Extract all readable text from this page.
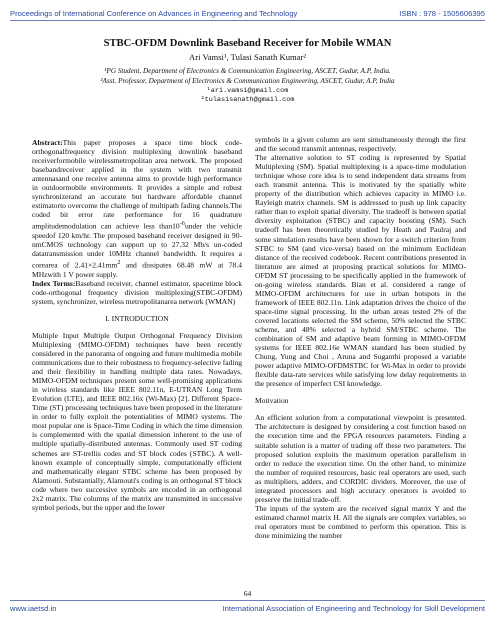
Proceedings of International Conference on Advances in Engineering and Technology	ISBN : 978 - 1505606395
STBC-OFDM Downlink Baseband Receiver for Mobile WMAN
Ari Vamsi¹, Tulasi Sanath Kumar²
¹PG Student, Department of Electronics & Communication Engineering, ASCET, Gudur, A.P, India.
²Asst. Professor, Department of Electronics & Communication Engineering, ASCET, Gudur, A.P, India
¹ari.vamsi@gmail.com
²tulasisanath@gmail.com

Abstract:This paper proposes a space time block code-orthogonalfrequency division multiplexing downlink baseband receiverformobile wirelessmetropolitan area network. The proposed basebandreceiver applied in the system with two transmit antennasand one receive antenna aims to provide high performance in outdoormobile environments. It provides a simple and robust synchronizerand an accurate but hardware affordable channel estimatorto overcome the challenge of multipath fading channels.The coded bit error rate performance for 16 quadrature amplitudemodulation can achieve less $than10^{-6}under$ the vehicle speedof 120 km/hr. The proposed baseband receiver designed in 90-nmCMOS technology can support up to 27.32 Mb/s un-coded datatransmission under 10MHz channel bandwidth. It requires a corearea of $2.41\times 2.41mm^2$ and dissipates 68.48 mW at 78.4 MHzwith 1 V power supply.

Index Terms:Baseband receiver, channel estimator, spacetime block code-orthogonal frequency division multiplexing(STBC-OFDM) system, synchronizer, wireless metropolitanarea network (WMAN)

I. INTRODUCTION

Multiple Input Multiple Output Orthogonal Frequency Division Multiplexing (MIMO-OFDM) techniques have been recently considered in the panorama of ongoing and future multimedia mobile communications due to their robustness to frequency-selective fading and their flexibility in handling multiple data rates. Nowadays, MIMO-OFDM techniques present some well-promising applications in wireless standards like IEEE 802.11n, E-UTRAN Long Term Evolution (LTE), and IEEE 802.16x (Wi-Max) [2]. Different Space-Time (ST) processing techniques have been proposed in the literature in order to fully exploit the potentialities of MIMO systems. The most popular one is Space-Time Coding in which the time dimension is complemented with the spatial dimension inherent to the use of multiple spatially-distributed antennas. Commonly used ST coding schemes are ST-trellis codes and ST block codes (STBC). A well-known example of conceptually simple, computationally efficient and mathematically elegant STBC scheme has been proposed by Alamouti. Substantially, Alamouti's coding is an orthogonal ST block code where two successive symbols are encoded in an orthogonal 2x2 matrix. The columns of the matrix are transmitted in successive symbol periods, but the upper and the lower

symbols in a given column are sent simultaneously through the first and the second transmit antennas, respectively.

The alternative solution to ST coding is represented by Spatial Multiplexing (SM). Spatial multiplexing is a space-time modulation technique whose core idea is to send independent data streams from each transmit antenna. This is motivated by the spatially white property of the distribution which achieves capacity in MIMO i.e. Rayleigh matrix channels. SM is addressed to push up link capacity rather than to exploit spatial diversity. The tradeoff is between spatial diversity exploitation (STBC) and capacity boosting (SM). Such tradeoff has been theoretically studied by Heath and Paulraj and some simulation results have been shown for a switch criterion from STBC to SM (and vice-versa) based on the minimum Euclidean distance of the received codebook. Recent contributions presented in literature are aimed at proposing practical solutions for MIMO-OFDM ST processing to be specifically applied in the framework of on-going wireless standards. Bian et al. considered a range of MIMO-OFDM architectures for use in urban hotspots in the framework of IEEE 802.11n. Link adaptation drives the choice of the space-time signal processing. In the urban areas tested 2% of the covered locations selected the SM scheme, 50% selected the STBC scheme, and 48% selected a hybrid SM/STBC scheme. The combination of SM and adaptive beam forming in MIMO-OFDM systems for IEEE 802.16e WMAN standard has been studied by Chung, Yung and Choi , Aruna and Suganthi proposed a variable power adaptive MIMO-OFDMSTBC for Wi-Max in order to provide flexible data-rate services while satisfying low delay requirements in the presence of imperfect CSI knowledge.

Motivation

An efficient solution from a computational viewpoint is presented. The architecture is designed by considering a cost function based on the execution time and the FPGA resources parameters. Finding a suitable solution is a matter of trading off these two parameters. The proposed solution exploits the maximum operation parallelism in order to reduce the execution time. On the other hand, to minimize the number of required resources, basic real operators are used, such as multipliers, adders, and CORDIC dividers. Moreover, the use of integrated processors and high accuracy operators is avoided to preserve the initial trade-off.

The inputs of the system are the received signal matrix Y and the estimated channel matrix H. All the signals are complex variables, so real operators must be combined to perform this operation. This is done minimizing the number

64
www.iaetsd.in	International Association of Engineering and Technology for Skill Development
